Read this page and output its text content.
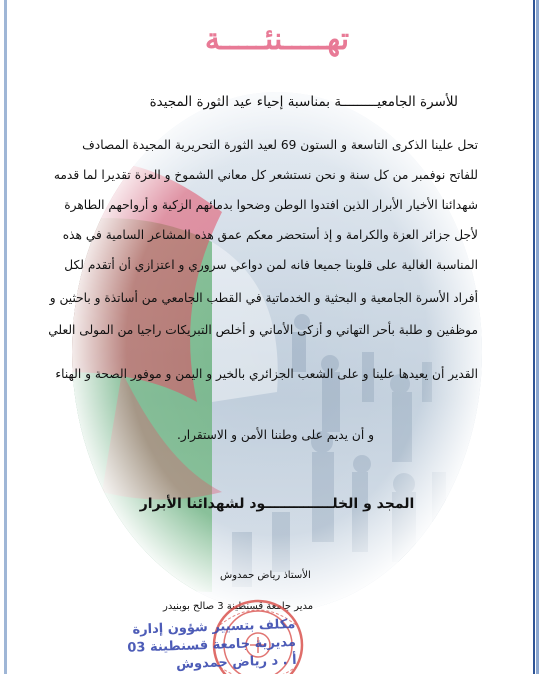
تهـــــنئـــــة
للأسرة الجامعيـــــــــة بمناسبة إحياء عيد الثورة المجيدة
تحل علينا الذكرى التاسعة و الستون 69 لعيد الثورة التحريرية المجيدة المصادف
للفاتح نوفمبر من كل سنة و نحن نستشعر كل معاني الشموخ و العزة تقديرا لما قدمه
شهدائنا الأخيار الأبرار الذين افتدوا الوطن وضحوا بدمائهم الزكية و أرواحهم الطاهرة
لأجل جزائر العزة والكرامة و إذ أستحضر معكم عمق هذه المشاعر السامية في هذه
المناسبة الغالية على قلوبنا جميعا فانه لمن دواعي سروري و اعتزازي أن أتقدم لكل
أفراد الأسرة الجامعية و البحثية و الخدماتية في القطب الجامعي من أساتذة و باحثين و
موظفين و طلبة بأحر التهاني و أزكى الأماني و أخلص التبريكات راجيا من المولى العلي
القدير أن يعيدها علينا و على الشعب الجزائري بالخير و اليمن و موفور الصحة و الهناء
و أن يديم على وطننا الأمن و الاستقرار.
المجد و الخلــــــــــــــود لشهدائنا الأبرار
الأستاذ رياض حمدوش
مدير جامعة قسنطينة 3 صالح بوبنيدر
مكلف بتسيير شؤون إدارة
مديرية جامعة قسنطينة 03
أ . د رياض حمدوش
